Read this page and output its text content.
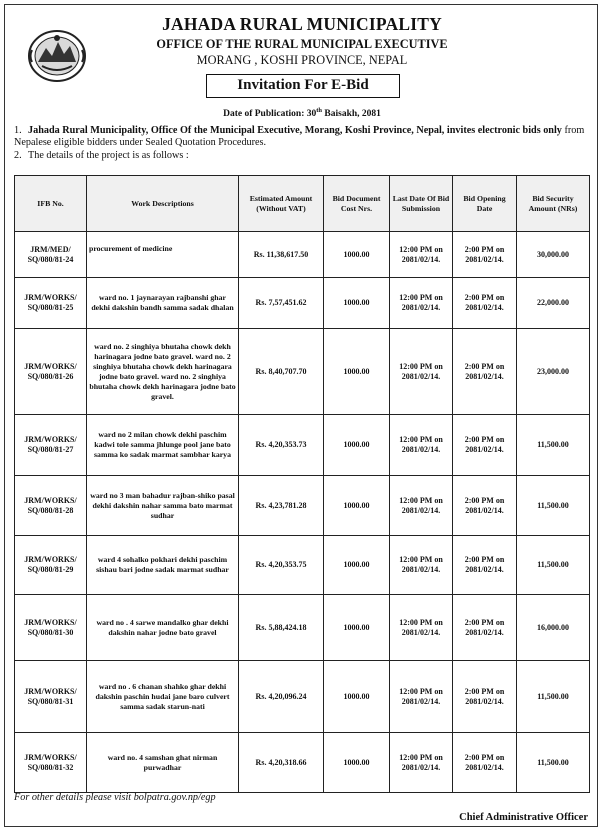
JAHADA RURAL MUNICIPALITY
OFFICE OF THE RURAL MUNICIPAL EXECUTIVE
MORANG , KOSHI PROVINCE, NEPAL
Invitation For E-Bid
Date of Publication: 30th Baisakh, 2081
1. Jahada Rural Municipality, Office Of the Municipal Executive, Morang, Koshi Province, Nepal, invites electronic bids only from Nepalese eligible bidders under Sealed Quotation Procedures.
2. The details of the project is as follows :
IFB No.	Work Descriptions	Estimated Amount (Without VAT)	Bid Document Cost Nrs.	Last Date Of Bid Submission	Bid Opening Date	Bid Security Amount (NRs)
JRM/MED/ SQ/080/81-24	procurement of medicine	Rs. 11,38,617.50	1000.00	12:00 PM on 2081/02/14.	2:00 PM on 2081/02/14.	30,000.00
JRM/WORKS/ SQ/080/81-25	ward no. 1 jaynarayan rajbanshi ghar dekhi dakshin bandh samma sadak dhalan	Rs. 7,57,451.62	1000.00	12:00 PM on 2081/02/14.	2:00 PM on 2081/02/14.	22,000.00
JRM/WORKS/ SQ/080/81-26	ward no. 2 singhiya bhutaha chowk dekh harinagara jodne bato gravel. ward no. 2 singhiya bhutaha chowk dekh harinagara jodne bato gravel. ward no. 2 singhiya bhutaha chowk dekh harinagara jodne bato gravel.	Rs. 8,40,707.70	1000.00	12:00 PM on 2081/02/14.	2:00 PM on 2081/02/14.	23,000.00
JRM/WORKS/ SQ/080/81-27	ward no 2 milan chowk dekhi paschim kadwi tole samma jhlunge pool jane bato samma ko sadak marmat sambhar karya	Rs. 4,20,353.73	1000.00	12:00 PM on 2081/02/14.	2:00 PM on 2081/02/14.	11,500.00
JRM/WORKS/ SQ/080/81-28	ward no 3 man bahadur rajban-shiko pasal dekhi dakshin nahar samma bato marmat sudhar	Rs. 4,23,781.28	1000.00	12:00 PM on 2081/02/14.	2:00 PM on 2081/02/14.	11,500.00
JRM/WORKS/ SQ/080/81-29	ward 4 sohalko pokhari dekhi paschim sishau bari jodne sadak marmat sudhar	Rs. 4,20,353.75	1000.00	12:00 PM on 2081/02/14.	2:00 PM on 2081/02/14.	11,500.00
JRM/WORKS/ SQ/080/81-30	ward no . 4 sarwe mandalko ghar dekhi dakshin nahar jodne bato gravel	Rs. 5,88,424.18	1000.00	12:00 PM on 2081/02/14.	2:00 PM on 2081/02/14.	16,000.00
JRM/WORKS/ SQ/080/81-31	ward no . 6 chanan shahko ghar dekhi dakshin paschin hudai jane baro culvert samma sadak starun-nati	Rs. 4,20,096.24	1000.00	12:00 PM on 2081/02/14.	2:00 PM on 2081/02/14.	11,500.00
JRM/WORKS/ SQ/080/81-32	ward no. 4 samshan ghat nirman purwadhar	Rs. 4,20,318.66	1000.00	12:00 PM on 2081/02/14.	2:00 PM on 2081/02/14.	11,500.00
For other details please visit bolpatra.gov.np/egp
Chief Administrative Officer
